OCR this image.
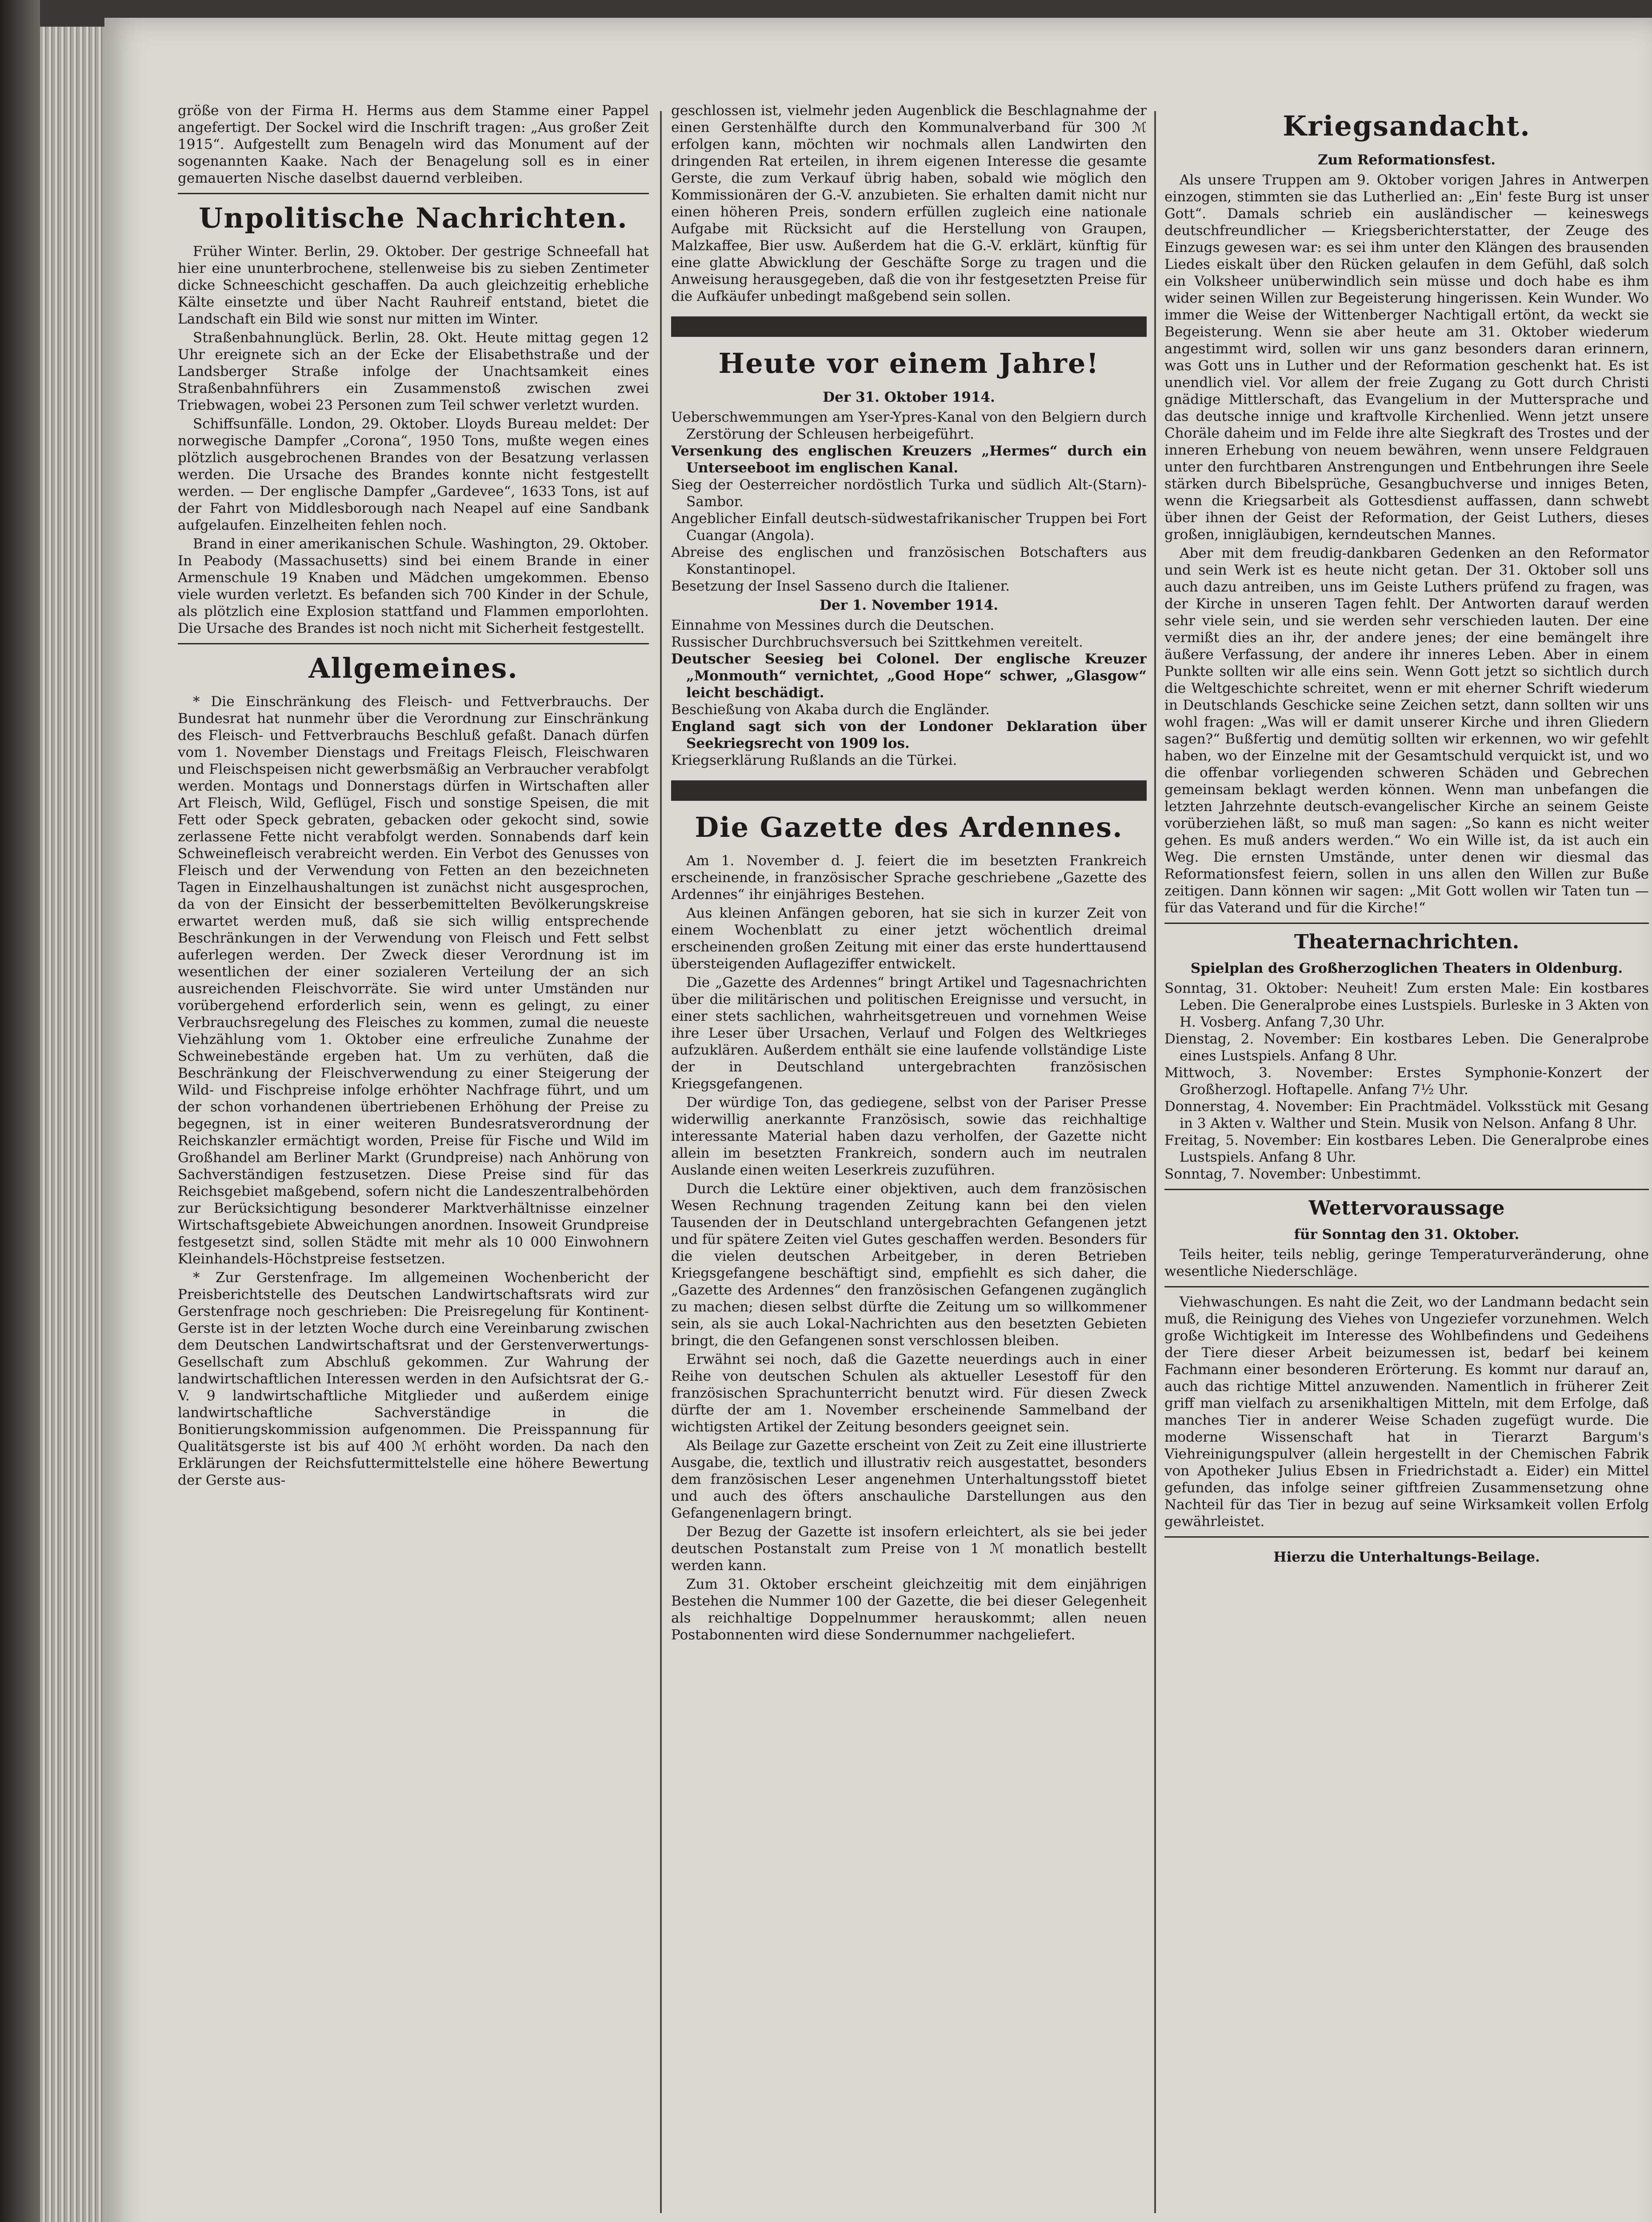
größe von der Firma H. Herms aus dem Stamme einer Pappel angefertigt. Der Sockel wird die Inschrift tragen: „Aus großer Zeit 1915“. Aufgestellt zum Benageln wird das Monument auf der sogenannten Kaake. Nach der Benagelung soll es in einer gemauerten Nische daselbst dauernd verbleiben.

Unpolitische Nachrichten.

Früher Winter. Berlin, 29. Oktober. Der gestrige Schneefall hat hier eine ununterbrochene, stellenweise bis zu sieben Zentimeter dicke Schneeschicht geschaffen. Da auch gleichzeitig erhebliche Kälte einsetzte und über Nacht Rauhreif entstand, bietet die Landschaft ein Bild wie sonst nur mitten im Winter.

Straßenbahnunglück. Berlin, 28. Okt. Heute mittag gegen 12 Uhr ereignete sich an der Ecke der Elisabethstraße und der Landsberger Straße infolge der Unachtsamkeit eines Straßenbahnführers ein Zusammenstoß zwischen zwei Triebwagen, wobei 23 Personen zum Teil schwer verletzt wurden.

Schiffsunfälle. London, 29. Oktober. Lloyds Bureau meldet: Der norwegische Dampfer „Corona“, 1950 Tons, mußte wegen eines plötzlich ausgebrochenen Brandes von der Besatzung verlassen werden. Die Ursache des Brandes konnte nicht festgestellt werden. — Der englische Dampfer „Gardevee“, 1633 Tons, ist auf der Fahrt von Middlesborough nach Neapel auf eine Sandbank aufgelaufen. Einzelheiten fehlen noch.

Brand in einer amerikanischen Schule. Washington, 29. Oktober. In Peabody (Massachusetts) sind bei einem Brande in einer Armenschule 19 Knaben und Mädchen umgekommen. Ebenso viele wurden verletzt. Es befanden sich 700 Kinder in der Schule, als plötzlich eine Explosion stattfand und Flammen emporlohten. Die Ursache des Brandes ist noch nicht mit Sicherheit festgestellt.

Allgemeines.

* Die Einschränkung des Fleisch- und Fettverbrauchs. Der Bundesrat hat nunmehr über die Verordnung zur Einschränkung des Fleisch- und Fettverbrauchs Beschluß gefaßt. Danach dürfen vom 1. November Dienstags und Freitags Fleisch, Fleischwaren und Fleischspeisen nicht gewerbsmäßig an Verbraucher verabfolgt werden. Montags und Donnerstags dürfen in Wirtschaften aller Art Fleisch, Wild, Geflügel, Fisch und sonstige Speisen, die mit Fett oder Speck gebraten, gebacken oder gekocht sind, sowie zerlassene Fette nicht verabfolgt werden. Sonnabends darf kein Schweinefleisch verabreicht werden. Ein Verbot des Genusses von Fleisch und der Verwendung von Fetten an den bezeichneten Tagen in Einzelhaushaltungen ist zunächst nicht ausgesprochen, da von der Einsicht der besserbemittelten Bevölkerungskreise erwartet werden muß, daß sie sich willig entsprechende Beschränkungen in der Verwendung von Fleisch und Fett selbst auferlegen werden. Der Zweck dieser Verordnung ist im wesentlichen der einer sozialeren Verteilung der an sich ausreichenden Fleischvorräte. Sie wird unter Umständen nur vorübergehend erforderlich sein, wenn es gelingt, zu einer Verbrauchsregelung des Fleisches zu kommen, zumal die neueste Viehzählung vom 1. Oktober eine erfreuliche Zunahme der Schweinebestände ergeben hat. Um zu verhüten, daß die Beschränkung der Fleischverwendung zu einer Steigerung der Wild- und Fischpreise infolge erhöhter Nachfrage führt, und um der schon vorhandenen übertriebenen Erhöhung der Preise zu begegnen, ist in einer weiteren Bundesratsverordnung der Reichskanzler ermächtigt worden, Preise für Fische und Wild im Großhandel am Berliner Markt (Grundpreise) nach Anhörung von Sachverständigen festzusetzen. Diese Preise sind für das Reichsgebiet maßgebend, sofern nicht die Landeszentralbehörden zur Berücksichtigung besonderer Marktverhältnisse einzelner Wirtschaftsgebiete Abweichungen anordnen. Insoweit Grundpreise festgesetzt sind, sollen Städte mit mehr als 10 000 Einwohnern Kleinhandels-Höchstpreise festsetzen.

* Zur Gerstenfrage. Im allgemeinen Wochenbericht der Preisberichtstelle des Deutschen Landwirtschaftsrats wird zur Gerstenfrage noch geschrieben: Die Preisregelung für Kontinent-Gerste ist in der letzten Woche durch eine Vereinbarung zwischen dem Deutschen Landwirtschaftsrat und der Gerstenverwertungs-Gesellschaft zum Abschluß gekommen. Zur Wahrung der landwirtschaftlichen Interessen werden in den Aufsichtsrat der G.-V. 9 landwirtschaftliche Mitglieder und außerdem einige landwirtschaftliche Sachverständige in die Bonitierungskommission aufgenommen. Die Preisspannung für Qualitätsgerste ist bis auf 400 ℳ erhöht worden. Da nach den Erklärungen der Reichsfuttermittelstelle eine höhere Bewertung der Gerste aus-

geschlossen ist, vielmehr jeden Augenblick die Beschlagnahme der einen Gerstenhälfte durch den Kommunalverband für 300 ℳ erfolgen kann, möchten wir nochmals allen Landwirten den dringenden Rat erteilen, in ihrem eigenen Interesse die gesamte Gerste, die zum Verkauf übrig haben, sobald wie möglich den Kommissionären der G.-V. anzubieten. Sie erhalten damit nicht nur einen höheren Preis, sondern erfüllen zugleich eine nationale Aufgabe mit Rücksicht auf die Herstellung von Graupen, Malzkaffee, Bier usw. Außerdem hat die G.-V. erklärt, künftig für eine glatte Abwicklung der Geschäfte Sorge zu tragen und die Anweisung herausgegeben, daß die von ihr festgesetzten Preise für die Aufkäufer unbedingt maßgebend sein sollen.

Heute vor einem Jahre!
Der 31. Oktober 1914.

Ueberschwemmungen am Yser-Ypres-Kanal von den Belgiern durch Zerstörung der Schleusen herbeigeführt.

Versenkung des englischen Kreuzers „Hermes“ durch ein Unterseeboot im englischen Kanal.

Sieg der Oesterreicher nordöstlich Turka und südlich Alt-(Starn)-Sambor.

Angeblicher Einfall deutsch-südwestafrikanischer Truppen bei Fort Cuangar (Angola).

Abreise des englischen und französischen Botschafters aus Konstantinopel.

Besetzung der Insel Sasseno durch die Italiener.

Der 1. November 1914.

Einnahme von Messines durch die Deutschen.

Russischer Durchbruchsversuch bei Szittkehmen vereitelt.

Deutscher Seesieg bei Colonel. Der englische Kreuzer „Monmouth“ vernichtet, „Good Hope“ schwer, „Glasgow“ leicht beschädigt.

Beschießung von Akaba durch die Engländer.

England sagt sich von der Londoner Deklaration über Seekriegsrecht von 1909 los.

Kriegserklärung Rußlands an die Türkei.

Die Gazette des Ardennes.

Am 1. November d. J. feiert die im besetzten Frankreich erscheinende, in französischer Sprache geschriebene „Gazette des Ardennes“ ihr einjähriges Bestehen.

Aus kleinen Anfängen geboren, hat sie sich in kurzer Zeit von einem Wochenblatt zu einer jetzt wöchentlich dreimal erscheinenden großen Zeitung mit einer das erste hunderttausend übersteigenden Auflageziffer entwickelt.

Die „Gazette des Ardennes“ bringt Artikel und Tagesnachrichten über die militärischen und politischen Ereignisse und versucht, in einer stets sachlichen, wahrheitsgetreuen und vornehmen Weise ihre Leser über Ursachen, Verlauf und Folgen des Weltkrieges aufzuklären. Außerdem enthält sie eine laufende vollständige Liste der in Deutschland untergebrachten französischen Kriegsgefangenen.

Der würdige Ton, das gediegene, selbst von der Pariser Presse widerwillig anerkannte Französisch, sowie das reichhaltige interessante Material haben dazu verholfen, der Gazette nicht allein im besetzten Frankreich, sondern auch im neutralen Auslande einen weiten Leserkreis zuzuführen.

Durch die Lektüre einer objektiven, auch dem französischen Wesen Rechnung tragenden Zeitung kann bei den vielen Tausenden der in Deutschland untergebrachten Gefangenen jetzt und für spätere Zeiten viel Gutes geschaffen werden. Besonders für die vielen deutschen Arbeitgeber, in deren Betrieben Kriegsgefangene beschäftigt sind, empfiehlt es sich daher, die „Gazette des Ardennes“ den französischen Gefangenen zugänglich zu machen; diesen selbst dürfte die Zeitung um so willkommener sein, als sie auch Lokal-Nachrichten aus den besetzten Gebieten bringt, die den Gefangenen sonst verschlossen bleiben.

Erwähnt sei noch, daß die Gazette neuerdings auch in einer Reihe von deutschen Schulen als aktueller Lesestoff für den französischen Sprachunterricht benutzt wird. Für diesen Zweck dürfte der am 1. November erscheinende Sammelband der wichtigsten Artikel der Zeitung besonders geeignet sein.

Als Beilage zur Gazette erscheint von Zeit zu Zeit eine illustrierte Ausgabe, die, textlich und illustrativ reich ausgestattet, besonders dem französischen Leser angenehmen Unterhaltungsstoff bietet und auch des öfters anschauliche Darstellungen aus den Gefangenenlagern bringt.

Der Bezug der Gazette ist insofern erleichtert, als sie bei jeder deutschen Postanstalt zum Preise von 1 ℳ monatlich bestellt werden kann.

Zum 31. Oktober erscheint gleichzeitig mit dem einjährigen Bestehen die Nummer 100 der Gazette, die bei dieser Gelegenheit als reichhaltige Doppelnummer herauskommt; allen neuen Postabonnenten wird diese Sondernummer nachgeliefert.

Kriegsandacht.
Zum Reformationsfest.

Als unsere Truppen am 9. Oktober vorigen Jahres in Antwerpen einzogen, stimmten sie das Lutherlied an: „Ein' feste Burg ist unser Gott“. Damals schrieb ein ausländischer — keineswegs deutschfreundlicher — Kriegsberichterstatter, der Zeuge des Einzugs gewesen war: es sei ihm unter den Klängen des brausenden Liedes eiskalt über den Rücken gelaufen in dem Gefühl, daß solch ein Volksheer unüberwindlich sein müsse und doch habe es ihm wider seinen Willen zur Begeisterung hingerissen. Kein Wunder. Wo immer die Weise der Wittenberger Nachtigall ertönt, da weckt sie Begeisterung. Wenn sie aber heute am 31. Oktober wiederum angestimmt wird, sollen wir uns ganz besonders daran erinnern, was Gott uns in Luther und der Reformation geschenkt hat. Es ist unendlich viel. Vor allem der freie Zugang zu Gott durch Christi gnädige Mittlerschaft, das Evangelium in der Muttersprache und das deutsche innige und kraftvolle Kirchenlied. Wenn jetzt unsere Choräle daheim und im Felde ihre alte Siegkraft des Trostes und der inneren Erhebung von neuem bewähren, wenn unsere Feldgrauen unter den furchtbaren Anstrengungen und Entbehrungen ihre Seele stärken durch Bibelsprüche, Gesangbuchverse und inniges Beten, wenn die Kriegsarbeit als Gottesdienst auffassen, dann schwebt über ihnen der Geist der Reformation, der Geist Luthers, dieses großen, innigläubigen, kerndeutschen Mannes.

Aber mit dem freudig-dankbaren Gedenken an den Reformator und sein Werk ist es heute nicht getan. Der 31. Oktober soll uns auch dazu antreiben, uns im Geiste Luthers prüfend zu fragen, was der Kirche in unseren Tagen fehlt. Der Antworten darauf werden sehr viele sein, und sie werden sehr verschieden lauten. Der eine vermißt dies an ihr, der andere jenes; der eine bemängelt ihre äußere Verfassung, der andere ihr inneres Leben. Aber in einem Punkte sollten wir alle eins sein. Wenn Gott jetzt so sichtlich durch die Weltgeschichte schreitet, wenn er mit eherner Schrift wiederum in Deutschlands Geschicke seine Zeichen setzt, dann sollten wir uns wohl fragen: „Was will er damit unserer Kirche und ihren Gliedern sagen?“ Bußfertig und demütig sollten wir erkennen, wo wir gefehlt haben, wo der Einzelne mit der Gesamtschuld verquickt ist, und wo die offenbar vorliegenden schweren Schäden und Gebrechen gemeinsam beklagt werden können. Wenn man unbefangen die letzten Jahrzehnte deutsch-evangelischer Kirche an seinem Geiste vorüberziehen läßt, so muß man sagen: „So kann es nicht weiter gehen. Es muß anders werden.“ Wo ein Wille ist, da ist auch ein Weg. Die ernsten Umstände, unter denen wir diesmal das Reformationsfest feiern, sollen in uns allen den Willen zur Buße zeitigen. Dann können wir sagen: „Mit Gott wollen wir Taten tun — für das Vaterand und für die Kirche!“

Theaternachrichten.
Spielplan des Großherzoglichen Theaters in Oldenburg.

Sonntag, 31. Oktober: Neuheit! Zum ersten Male: Ein kostbares Leben. Die Generalprobe eines Lustspiels. Burleske in 3 Akten von H. Vosberg. Anfang 7,30 Uhr.

Dienstag, 2. November: Ein kostbares Leben. Die Generalprobe eines Lustspiels. Anfang 8 Uhr.

Mittwoch, 3. November: Erstes Symphonie-Konzert der Großherzogl. Hoftapelle. Anfang 7½ Uhr.

Donnerstag, 4. November: Ein Prachtmädel. Volksstück mit Gesang in 3 Akten v. Walther und Stein. Musik von Nelson. Anfang 8 Uhr.

Freitag, 5. November: Ein kostbares Leben. Die Generalprobe eines Lustspiels. Anfang 8 Uhr.

Sonntag, 7. November: Unbestimmt.

Wettervoraussage
für Sonntag den 31. Oktober.

Teils heiter, teils neblig, geringe Temperaturveränderung, ohne wesentliche Niederschläge.

Viehwaschungen. Es naht die Zeit, wo der Landmann bedacht sein muß, die Reinigung des Viehes von Ungeziefer vorzunehmen. Welch große Wichtigkeit im Interesse des Wohlbefindens und Gedeihens der Tiere dieser Arbeit beizumessen ist, bedarf bei keinem Fachmann einer besonderen Erörterung. Es kommt nur darauf an, auch das richtige Mittel anzuwenden. Namentlich in früherer Zeit griff man vielfach zu arsenikhaltigen Mitteln, mit dem Erfolge, daß manches Tier in anderer Weise Schaden zugefügt wurde. Die moderne Wissenschaft hat in Tierarzt Bargum's Viehreinigungspulver (allein hergestellt in der Chemischen Fabrik von Apotheker Julius Ebsen in Friedrichstadt a. Eider) ein Mittel gefunden, das infolge seiner giftfreien Zusammensetzung ohne Nachteil für das Tier in bezug auf seine Wirksamkeit vollen Erfolg gewährleistet.

Hierzu die Unterhaltungs-Beilage.
